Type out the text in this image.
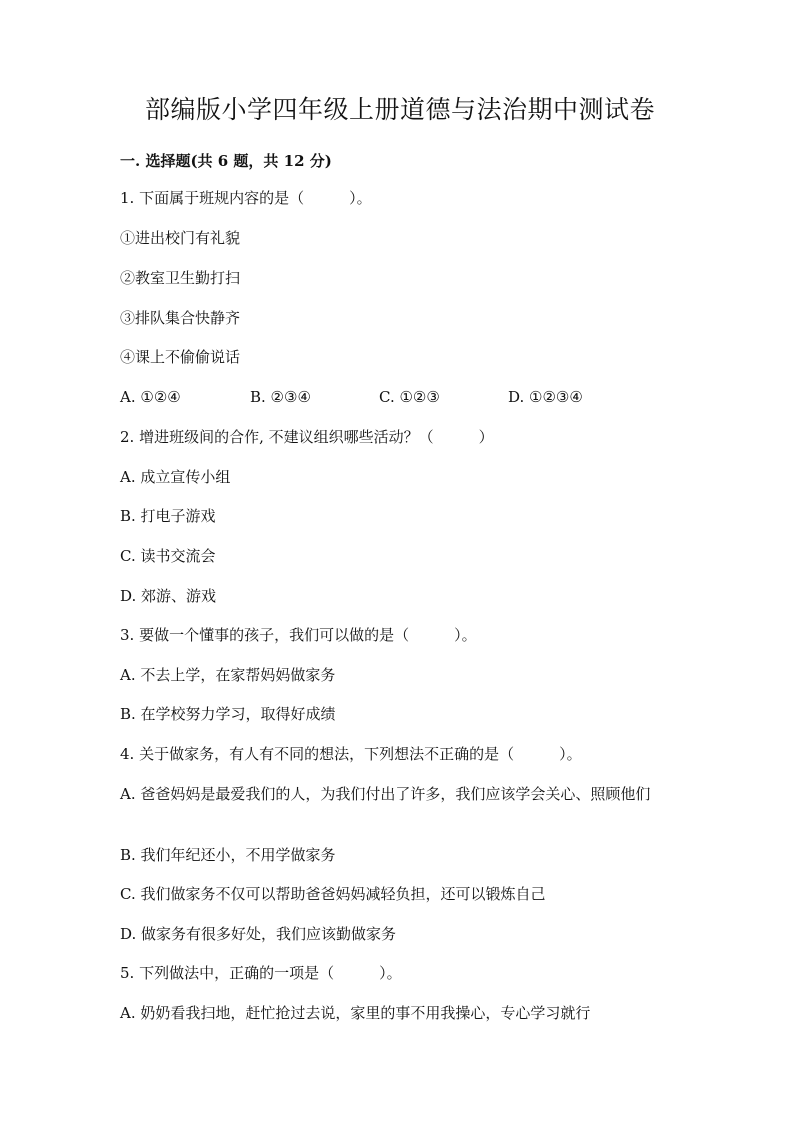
部编版小学四年级上册道德与法治期中测试卷
一. 选择题(共 6 题，共 12 分)
1. 下面属于班规内容的是（　　　）。
①进出校门有礼貌
②教室卫生勤打扫
③排队集合快静齐
④课上不偷偷说话
A. ①②④	B. ②③④	C. ①②③	D. ①②③④
2. 增进班级间的合作, 不建议组织哪些活动？（　　　）
A. 成立宣传小组
B. 打电子游戏
C. 读书交流会
D. 郊游、游戏
3. 要做一个懂事的孩子，我们可以做的是（　　　）。
A. 不去上学，在家帮妈妈做家务
B. 在学校努力学习，取得好成绩
4. 关于做家务，有人有不同的想法，下列想法不正确的是（　　　）。
A. 爸爸妈妈是最爱我们的人，为我们付出了许多，我们应该学会关心、照顾他们
B. 我们年纪还小，不用学做家务
C. 我们做家务不仅可以帮助爸爸妈妈减轻负担，还可以锻炼自己
D. 做家务有很多好处，我们应该勤做家务
5. 下列做法中，正确的一项是（　　　）。
A. 奶奶看我扫地，赶忙抢过去说，家里的事不用我操心，专心学习就行
